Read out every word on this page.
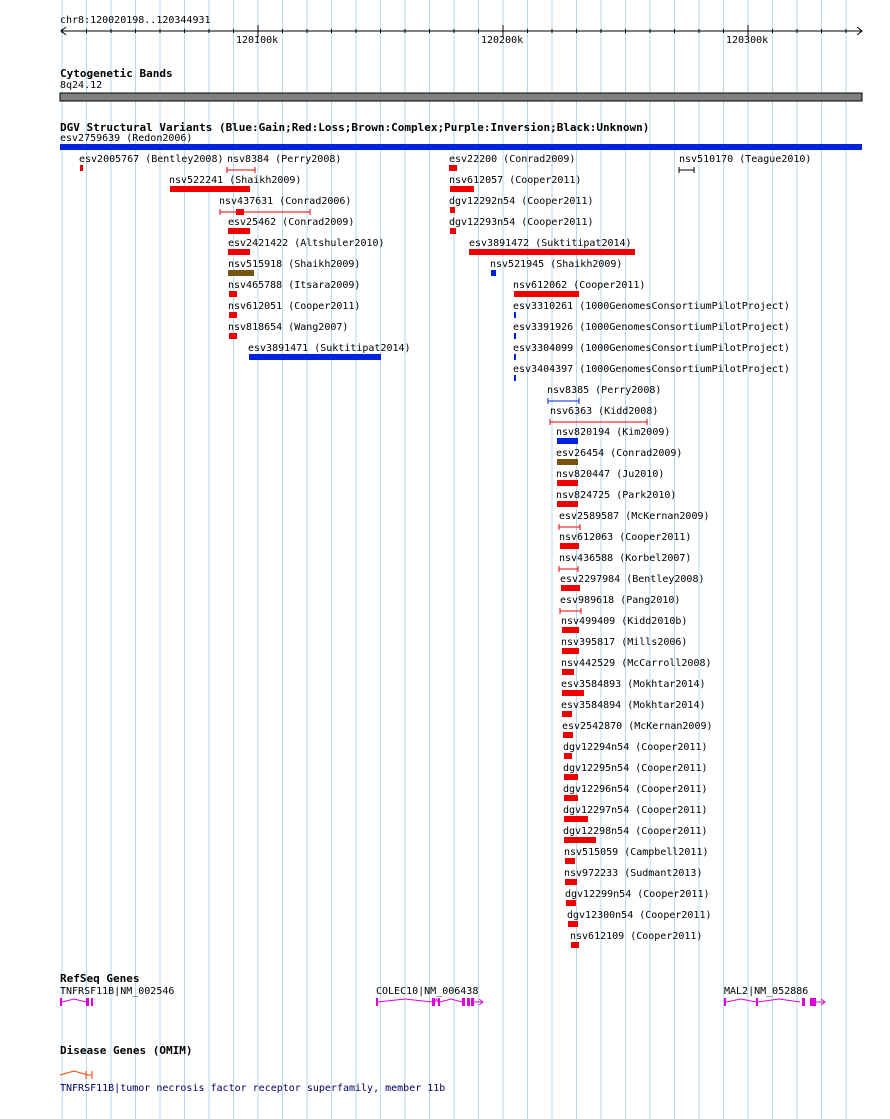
chr8:120020198..120344931
120100k	120200k	120300k
Cytogenetic Bands
8q24.12
DGV Structural Variants (Blue:Gain;Red:Loss;Brown:Complex;Purple:Inversion;Black:Unknown)
esv2759639 (Redon2006)
esv2005767 (Bentley2008) nsv8384 (Perry2008)	esv22200 (Conrad2009)	nsv510170 (Teague2010)
nsv522241 (Shaikh2009)	nsv612057 (Cooper2011)
nsv437631 (Conrad2006)	dgv12292n54 (Cooper2011)
esv25462 (Conrad2009)	dgv12293n54 (Cooper2011)
esv2421422 (Altshuler2010)	esv3891472 (Suktitipat2014)
nsv515918 (Shaikh2009)	nsv521945 (Shaikh2009)
nsv465788 (Itsara2009)	nsv612062 (Cooper2011)
nsv612051 (Cooper2011)	esv3310261 (1000GenomesConsortiumPilotProject)
nsv818654 (Wang2007)	esv3391926 (1000GenomesConsortiumPilotProject)
esv3891471 (Suktitipat2014)	esv3304099 (1000GenomesConsortiumPilotProject)
esv3404397 (1000GenomesConsortiumPilotProject)
nsv8385 (Perry2008)
nsv6363 (Kidd2008)
nsv820194 (Kim2009)
esv26454 (Conrad2009)
nsv820447 (Ju2010)
nsv824725 (Park2010)
esv2589587 (McKernan2009)
nsv612063 (Cooper2011)
nsv436588 (Korbel2007)
esv2297984 (Bentley2008)
esv989618 (Pang2010)
nsv499409 (Kidd2010b)
nsv395817 (Mills2006)
nsv442529 (McCarroll2008)
esv3584893 (Mokhtar2014)
esv3584894 (Mokhtar2014)
esv2542870 (McKernan2009)
dgv12294n54 (Cooper2011)
dgv12295n54 (Cooper2011)
dgv12296n54 (Cooper2011)
dgv12297n54 (Cooper2011)
dgv12298n54 (Cooper2011)
nsv515059 (Campbell2011)
nsv972233 (Sudmant2013)
dgv12299n54 (Cooper2011)
dgv12300n54 (Cooper2011)
nsv612109 (Cooper2011)
RefSeq Genes
TNFRSF11B|NM_002546	COLEC10|NM_006438	MAL2|NM_052886
Disease Genes (OMIM)
TNFRSF11B|tumor necrosis factor receptor superfamily, member 11b
